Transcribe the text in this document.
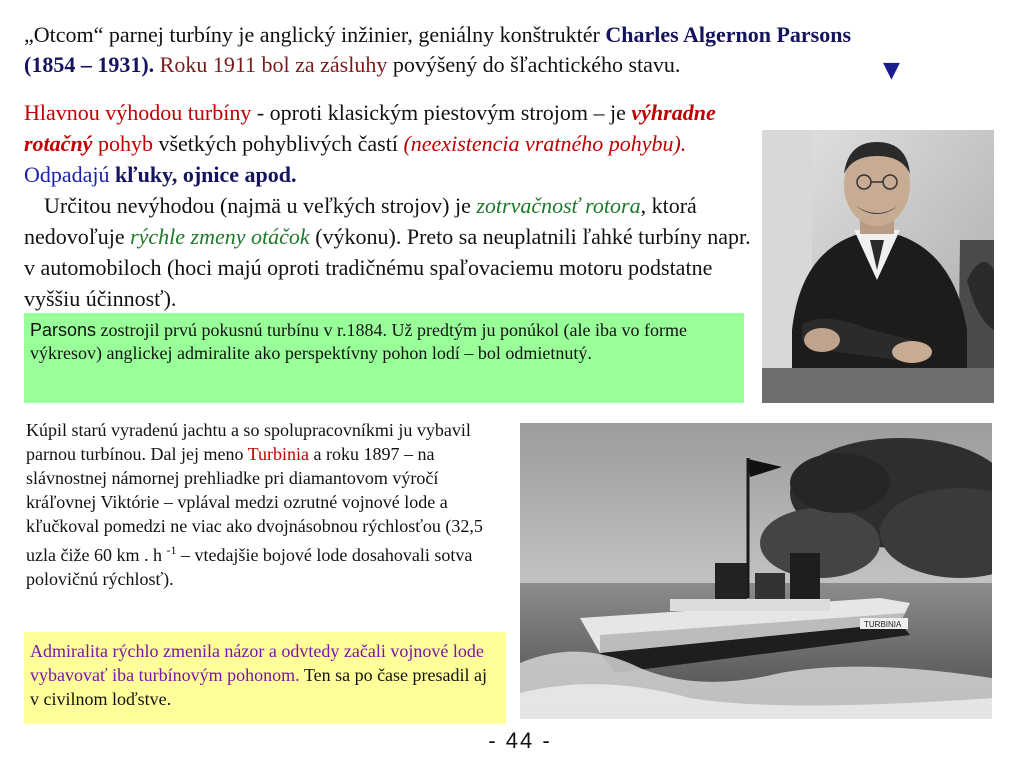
„Otcom“ parnej turbíny je anglický inžinier, geniálny konštruktér Charles Algernon Parsons
(1854 – 1931). Roku 1911 bol za zásluhy povýšený do šľachtického stavu.	▼

Hlavnou výhodou turbíny - oproti klasickým piestovým strojom – je výhradne rotačný pohyb všetkých pohyblivých častí (neexistencia vratného pohybu). Odpadajú kľuky, ojnice apod.

Určitou nevýhodou (najmä u veľkých strojov) je zotrvačnosť rotora, ktorá nedovoľuje rýchle zmeny otáčok (výkonu). Preto sa neuplatnili ľahké turbíny napr. v automobiloch (hoci majú oproti tradičnému spaľovaciemu motoru podstatne vyššiu účinnosť).

Parsons zostrojil prvú pokusnú turbínu v r.1884. Už predtým ju ponúkol (ale iba vo forme výkresov) anglickej admiralite ako perspektívny pohon lodí – bol odmietnutý.
Kúpil starú vyradenú jachtu a so spolupracovníkmi ju vybavil parnou turbínou. Dal jej meno Turbinia a roku 1897 – na slávnostnej námornej prehliadke pri diamantovom výročí kráľovnej Viktórie – vplával medzi ozrutné vojnové lode a kľučkoval pomedzi ne viac ako dvojnásobnou rýchlosťou (32,5 uzla čiže 60 km . h $^{-1}$ – vtedajšie bojové lode dosahovali sotva polovičnú rýchlosť).
TURBINIA
Admiralita rýchlo zmenila názor a odvtedy začali vojnové lode vybavovať iba turbínovým pohonom. Ten sa po čase presadil aj v civilnom loďstve.
- 44 -
